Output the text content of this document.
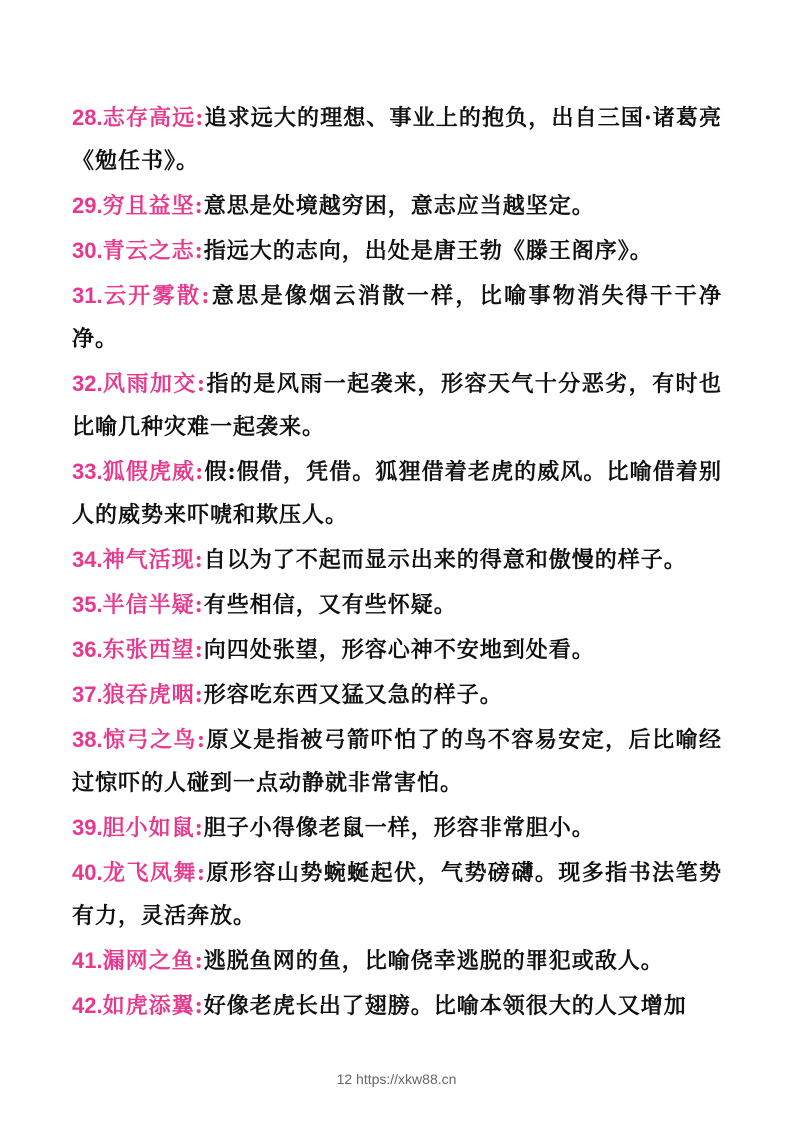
28.志存高远:追求远大的理想、事业上的抱负，出自三国·诸葛亮《勉任书》。

29.穷且益坚:意思是处境越穷困，意志应当越坚定。

30.青云之志:指远大的志向，出处是唐王勃《滕王阁序》。

31.云开雾散:意思是像烟云消散一样，比喻事物消失得干干净净。

32.风雨加交:指的是风雨一起袭来，形容天气十分恶劣，有时也比喻几种灾难一起袭来。

33.狐假虎威:假:假借，凭借。狐狸借着老虎的威风。比喻借着别人的威势来吓唬和欺压人。

34.神气活现:自以为了不起而显示出来的得意和傲慢的样子。

35.半信半疑:有些相信，又有些怀疑。

36.东张西望:向四处张望，形容心神不安地到处看。

37.狼吞虎咽:形容吃东西又猛又急的样子。

38.惊弓之鸟:原义是指被弓箭吓怕了的鸟不容易安定，后比喻经过惊吓的人碰到一点动静就非常害怕。

39.胆小如鼠:胆子小得像老鼠一样，形容非常胆小。

40.龙飞凤舞:原形容山势蜿蜒起伏，气势磅礴。现多指书法笔势有力，灵活奔放。

41.漏网之鱼:逃脱鱼网的鱼，比喻侥幸逃脱的罪犯或敌人。

42.如虎添翼:好像老虎长出了翅膀。比喻本领很大的人又增加

12 https://xkw88.cn
